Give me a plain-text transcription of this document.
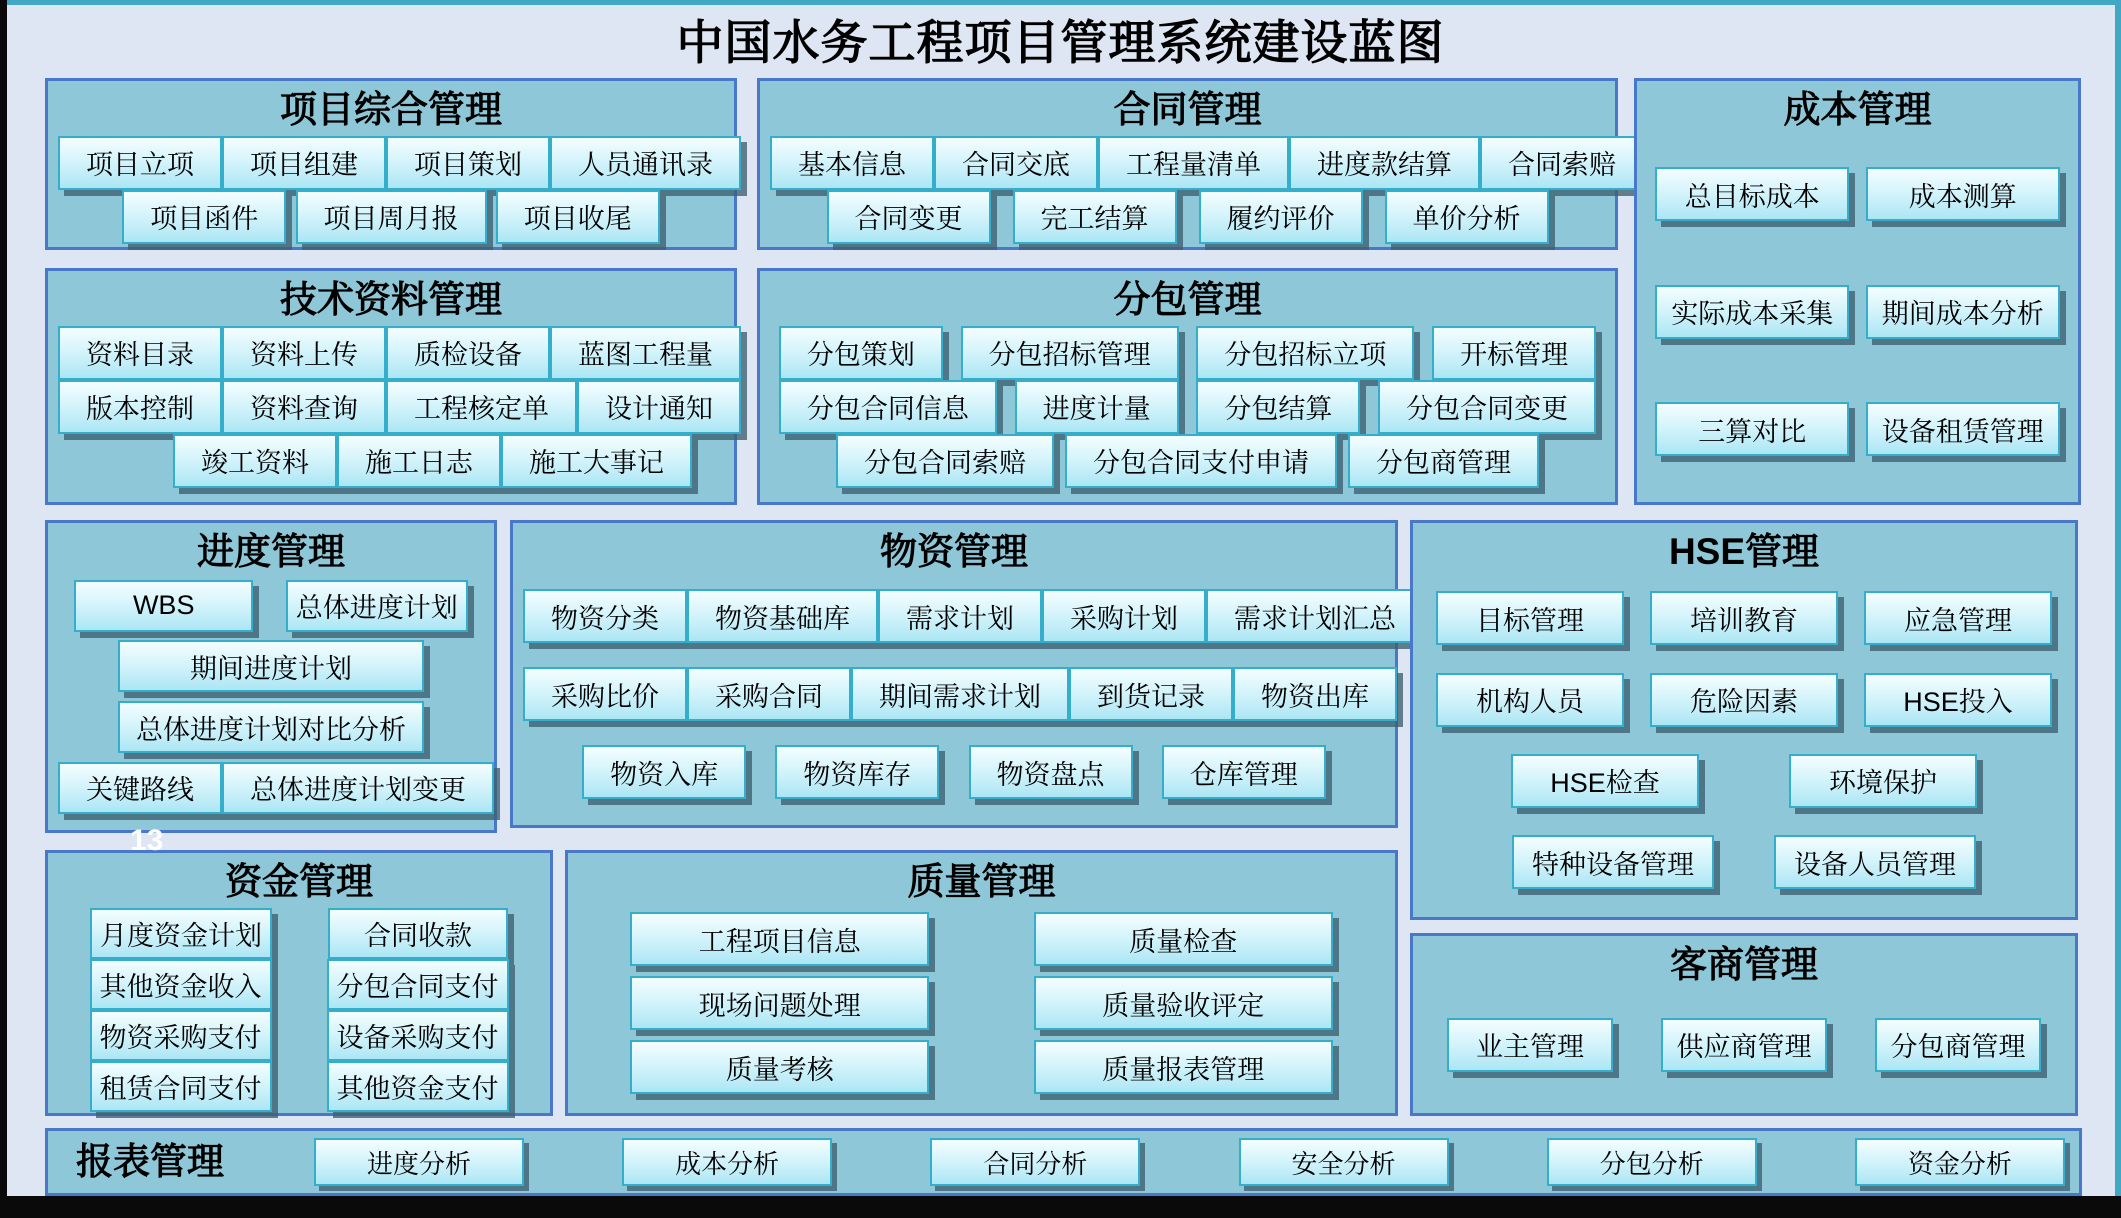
中国水务工程项目管理系统建设蓝图
项目综合管理
项目立项	项目组建	项目策划	人员通讯录
项目函件	项目周月报	项目收尾
合同管理
基本信息	合同交底	工程量清单	进度款结算	合同索赔
合同变更	完工结算	履约评价	单价分析
成本管理
总目标成本	成本测算
实际成本采集	期间成本分析
三算对比	设备租赁管理
技术资料管理
资料目录	资料上传	质检设备	蓝图工程量
版本控制	资料查询	工程核定单	设计通知
竣工资料	施工日志	施工大事记
分包管理
分包策划	分包招标管理	分包招标立项	开标管理
分包合同信息	进度计量	分包结算	分包合同变更
分包合同索赔	分包合同支付申请	分包商管理
进度管理
WBS	总体进度计划
期间进度计划
总体进度计划对比分析
关键路线	总体进度计划变更
物资管理
物资分类	物资基础库	需求计划	采购计划	需求计划汇总
采购比价	采购合同	期间需求计划	到货记录	物资出库
物资入库	物资库存	物资盘点	仓库管理
HSE管理
目标管理	培训教育	应急管理
机构人员	危险因素	HSE投入
HSE检查	环境保护
特种设备管理	设备人员管理
资金管理
月度资金计划	合同收款
其他资金收入	分包合同支付
物资采购支付	设备采购支付
租赁合同支付	其他资金支付
质量管理
工程项目信息	质量检查
现场问题处理	质量验收评定
质量考核	质量报表管理
客商管理
业主管理	供应商管理	分包商管理
报表管理	进度分析	成本分析	合同分析	安全分析	分包分析	资金分析
13
